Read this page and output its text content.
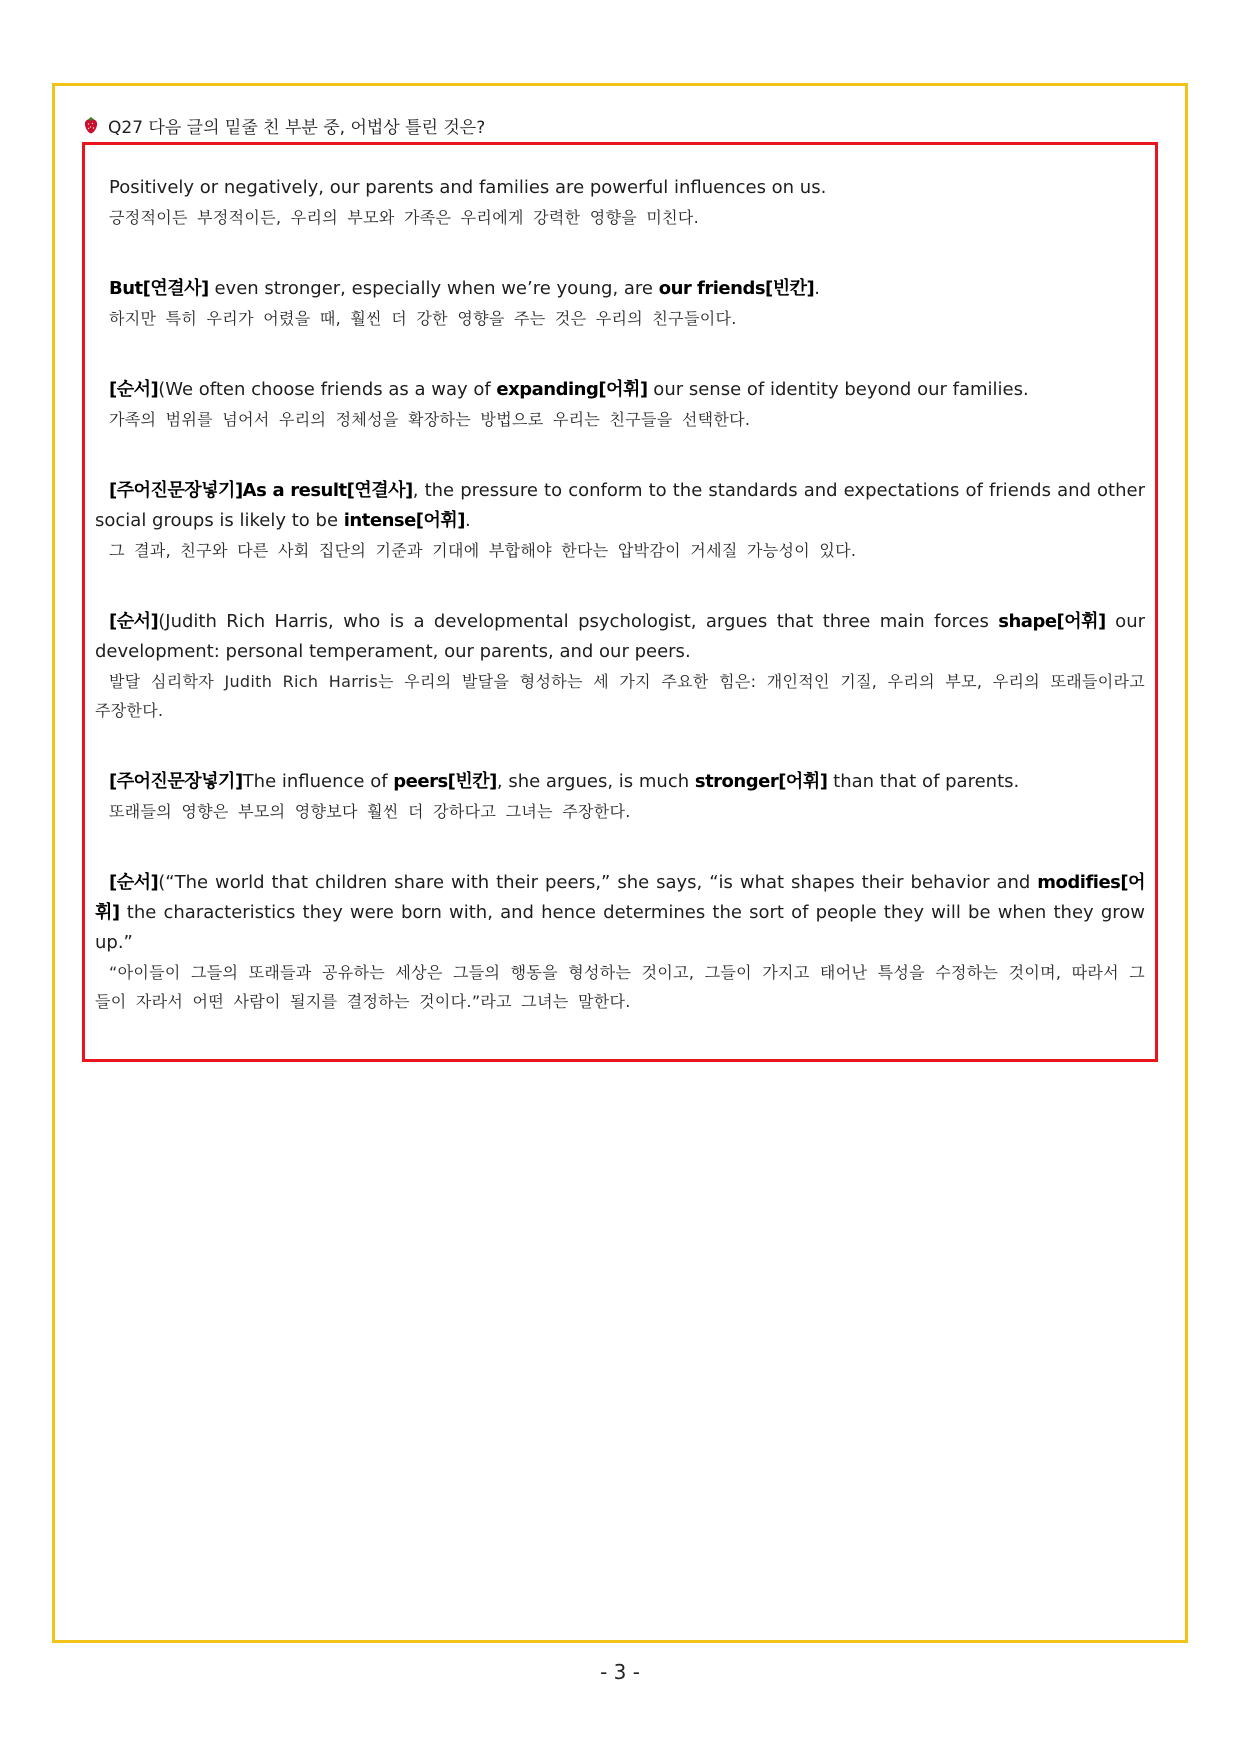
Q27 다음 글의 밑줄 친 부분 중, 어법상 틀린 것은?

Positively or negatively, our parents and families are powerful influences on us.

긍정적이든 부정적이든, 우리의 부모와 가족은 우리에게 강력한 영향을 미친다.

But[연결사] even stronger, especially when we’re young, are our friends[빈칸].

하지만 특히 우리가 어렸을 때, 훨씬 더 강한 영향을 주는 것은 우리의 친구들이다.

[순서](We often choose friends as a way of expanding[어휘] our sense of identity beyond our families.

가족의 범위를 넘어서 우리의 정체성을 확장하는 방법으로 우리는 친구들을 선택한다.

[주어진문장넣기]As a result[연결사], the pressure to conform to the standards and expectations of friends and other social groups is likely to be intense[어휘].

그 결과, 친구와 다른 사회 집단의 기준과 기대에 부합해야 한다는 압박감이 거세질 가능성이 있다.

[순서](Judith Rich Harris, who is a developmental psychologist, argues that three main forces shape[어휘] our development: personal temperament, our parents, and our peers.

발달 심리학자 Judith Rich Harris는 우리의 발달을 형성하는 세 가지 주요한 힘은: 개인적인 기질, 우리의 부모, 우리의 또래들이라고 주장한다.

[주어진문장넣기]The influence of peers[빈칸], she argues, is much stronger[어휘] than that of parents.

또래들의 영향은 부모의 영향보다 훨씬 더 강하다고 그녀는 주장한다.

[순서](“The world that children share with their peers,” she says, “is what shapes their behavior and modifies[어휘] the characteristics they were born with, and hence determines the sort of people they will be when they grow up.”

“아이들이 그들의 또래들과 공유하는 세상은 그들의 행동을 형성하는 것이고, 그들이 가지고 태어난 특성을 수정하는 것이며, 따라서 그들이 자라서 어떤 사람이 될지를 결정하는 것이다.”라고 그녀는 말한다.

- 3 -
